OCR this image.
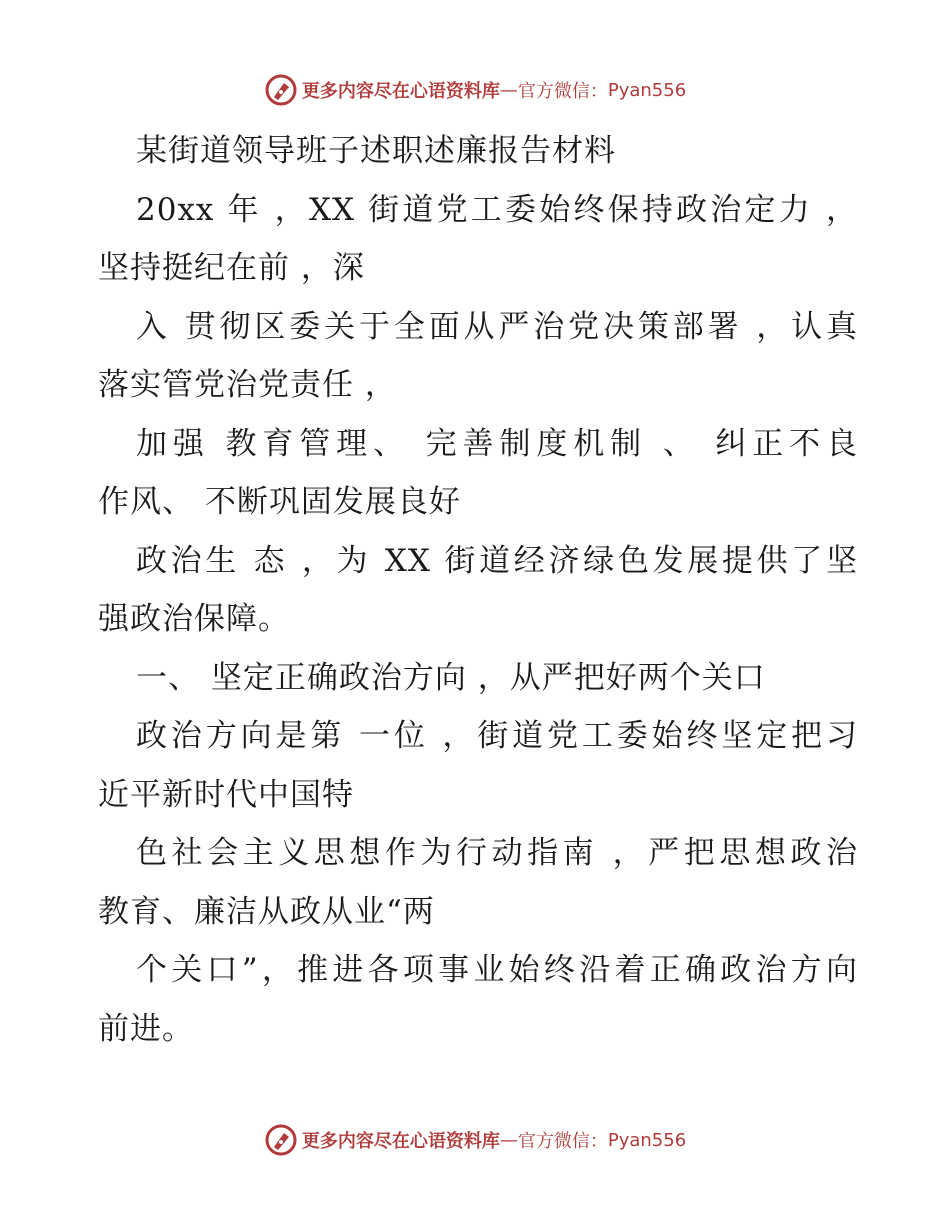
更多内容尽在心语资料库 — 官方微信： Pyan556
某街道领导班子述职述廉报告材料
20xx 年 ，XX 街道党工委始终保持政治定力 ，
坚持挺纪在前 ，深
入 贯彻区委关于全面从严治党决策部署 ，认真
落实管党治党责任 ，
加强 教育管理、 完善制度机制 、 纠正不良
作风、 不断巩固发展良好
政治生 态 ，为 XX 街道经济绿色发展提供了坚
强政治保障。
一、 坚定正确政治方向 ，从严把好两个关口
政治方向是第 一位 ，街道党工委始终坚定把习
近平新时代中国特
色社会主义思想作为行动指南 ，严把思想政治
教育、廉洁从政从业“两
个关口”，推进各项事业始终沿着正确政治方向
前进。
更多内容尽在心语资料库 — 官方微信： Pyan556
